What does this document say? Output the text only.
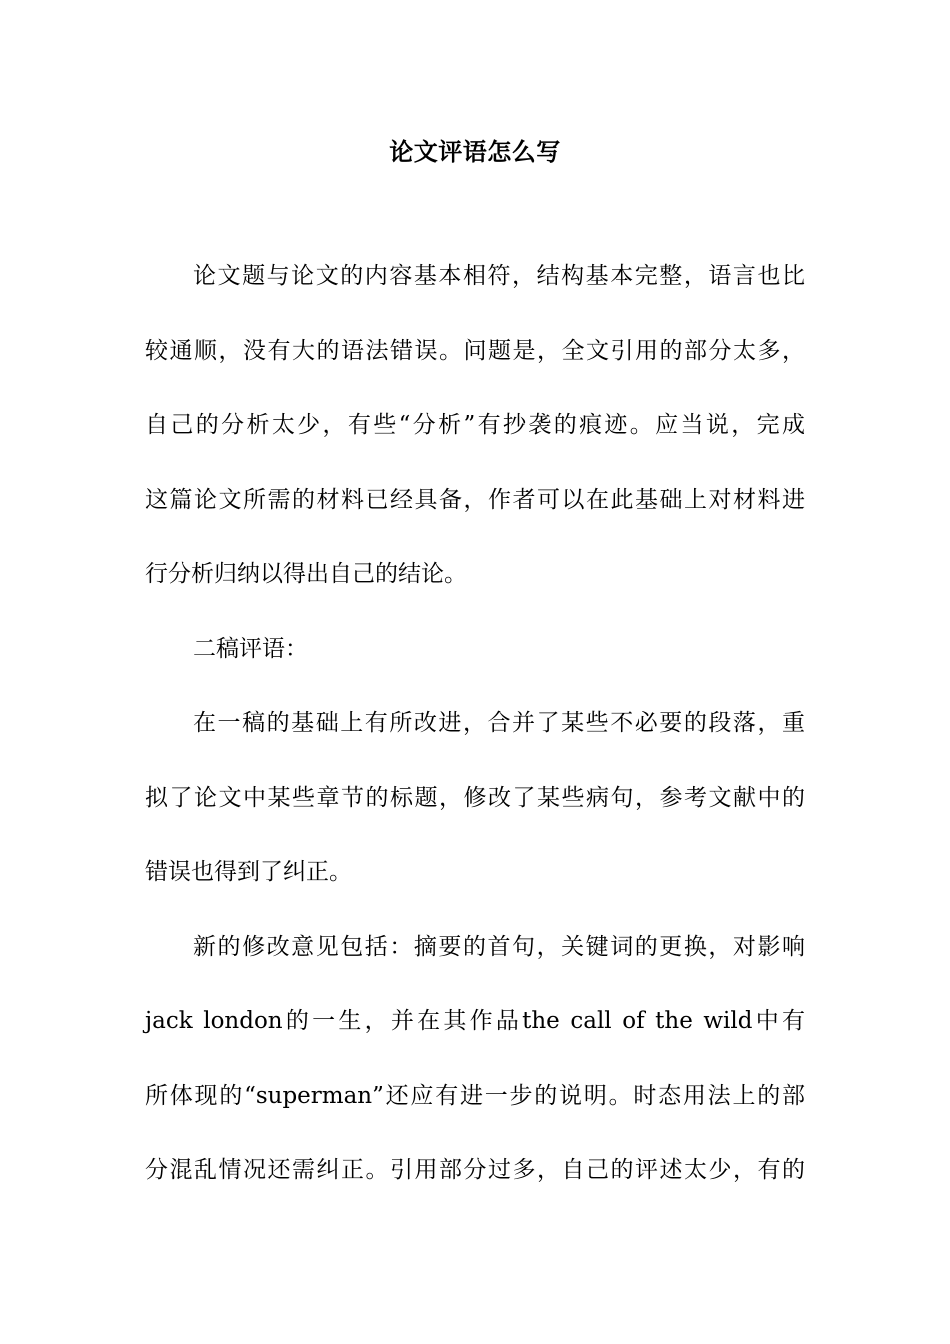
论文评语怎么写
论文题与论文的内容基本相符，结构基本完整，语言也比
较通顺，没有大的语法错误。问题是，全文引用的部分太多，
自己的分析太少，有些“分析”有抄袭的痕迹。应当说，完成
这篇论文所需的材料已经具备，作者可以在此基础上对材料进
行分析归纳以得出自己的结论。
二稿评语：
在一稿的基础上有所改进，合并了某些不必要的段落，重
拟了论文中某些章节的标题，修改了某些病句，参考文献中的
错误也得到了纠正。
新的修改意见包括：摘要的首句，关键词的更换，对影响
jack london的一生，并在其作品the call of the wild中有
所体现的“superman”还应有进一步的说明。时态用法上的部
分混乱情况还需纠正。引用部分过多，自己的评述太少，有的
